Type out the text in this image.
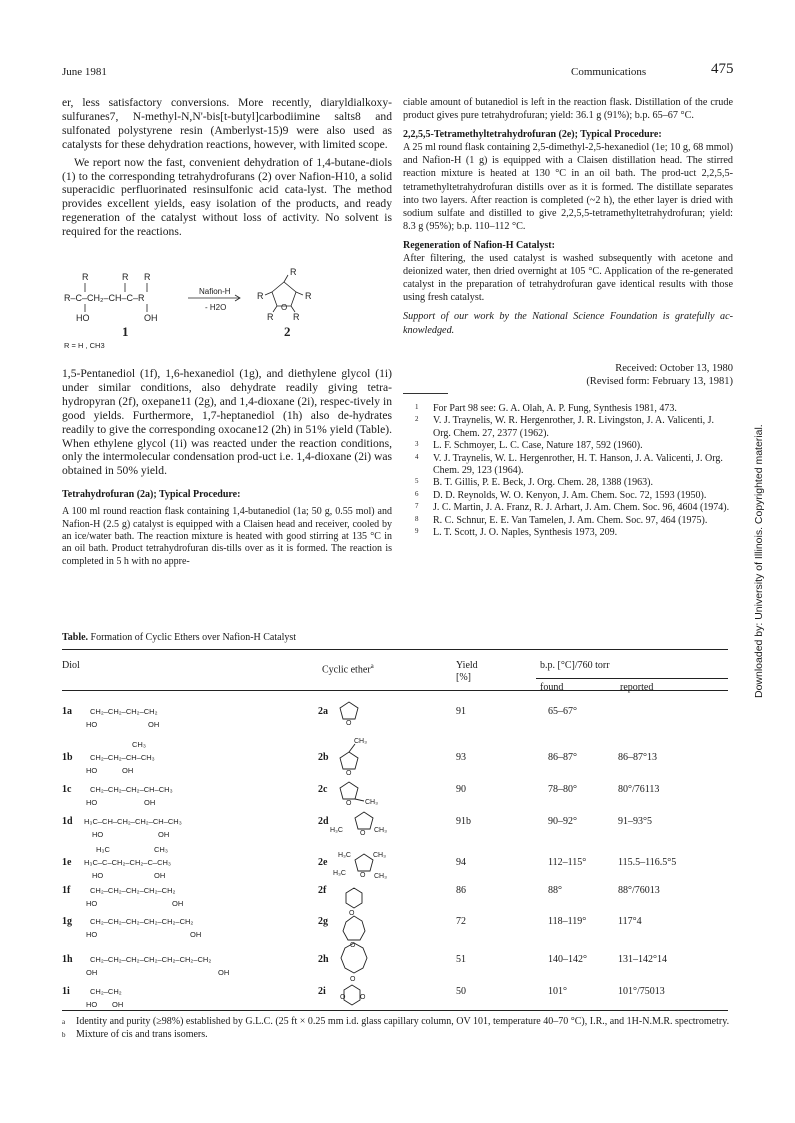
June 1981	Communications	475

er, less satisfactory conversions. More recently, diaryldialkoxy-sulfuranes7, N-methyl-N,N'-bis[t-butyl]carbodiimine salts8 and sulfonated polystyrene resin (Amberlyst-15)9 were also used as catalysts for these dehydration reactions, however, with limited scope.

We report now the fast, convenient dehydration of 1,4-butane-diols (1) to the corresponding tetrahydrofurans (2) over Nafion-H10, a solid superacidic perfluorinated resinsulfonic acid cata-lyst. The method provides excellent yields, easy isolation of the products, and ready regeneration of the catalyst without loss of activity. No solvent is required for the reactions.

R	R R
R–C–CH₂–CH–C–R
HO	OH
Nafion-H
- H2O
R
R	R
R R
O
R = H , CH3
1	2

1,5-Pentanediol (1f), 1,6-hexanediol (1g), and diethylene glycol (1i) under similar conditions, also dehydrate readily giving tetra-hydropyran (2f), oxepane11 (2g), and 1,4-dioxane (2i), respec-tively in good yields. Furthermore, 1,7-heptanediol (1h) also de-hydrates readily to give the corresponding oxocane12 (2h) in 51% yield (Table). When ethylene glycol (1i) was reacted under the reaction conditions, only the intermolecular condensation prod-uct i.e. 1,4-dioxane (2i) was obtained in 50% yield.

Tetrahydrofuran (2a); Typical Procedure:

A 100 ml round reaction flask containing 1,4-butanediol (1a; 50 g, 0.55 mol) and Nafion-H (2.5 g) catalyst is equipped with a Claisen head and receiver, cooled by an ice/water bath. The reaction mixture is heated with good stirring at 135 °C in an oil bath. Product tetrahydrofuran dis-tills over as it is formed. The reaction is completed in 5 h with no appre-

ciable amount of butanediol is left in the reaction flask. Distillation of the crude product gives pure tetrahydrofuran; yield: 36.1 g (91%); b.p. 65–67 °C.

2,2,5,5-Tetramethyltetrahydrofuran (2e); Typical Procedure:

A 25 ml round flask containing 2,5-dimethyl-2,5-hexanediol (1e; 10 g, 68 mmol) and Nafion-H (1 g) is equipped with a Claisen distillation head. The stirred reaction mixture is heated at 130 °C in an oil bath. The prod-uct 2,2,5,5-tetramethyltetrahydrofuran distills over as it is formed. The distillate separates into two layers. After reaction is completed (~2 h), the ether layer is dried with sodium sulfate and distilled to give 2,2,5,5-tetramethyltetrahydrofuran; yield: 8.3 g (95%); b.p. 110–112 °C.

Regeneration of Nafion-H Catalyst:

After filtering, the used catalyst is washed subsequently with acetone and deionized water, then dried overnight at 105 °C. Application of the re-generated catalyst in the preparation of tetrahydrofuran gave identical results with those using fresh catalyst.

Support of our work by the National Science Foundation is gratefully ac-knowledged.

Received: October 13, 1980
(Revised form: February 13, 1981)
1 For Part 98 see: G. A. Olah, A. P. Fung, Synthesis 1981, 473.
2 V. J. Traynelis, W. R. Hergenrother, J. R. Livingston, J. A. Valicenti, J. Org. Chem. 27, 2377 (1962).
3 L. F. Schmoyer, L. C. Case, Nature 187, 592 (1960).
4 V. J. Traynelis, W. L. Hergenrother, H. T. Hanson, J. A. Valicenti, J. Org. Chem. 29, 123 (1964).
5 B. T. Gillis, P. E. Beck, J. Org. Chem. 28, 1388 (1963).
6 D. D. Reynolds, W. O. Kenyon, J. Am. Chem. Soc. 72, 1593 (1950).
7 J. C. Martin, J. A. Franz, R. J. Arhart, J. Am. Chem. Soc. 96, 4604 (1974).
8 R. C. Schnur, E. E. Van Tamelen, J. Am. Chem. Soc. 97, 464 (1975).
9 L. T. Scott, J. O. Naples, Synthesis 1973, 209.
Table. Formation of Cyclic Ethers over Nafion-H Catalyst
Diol	Cyclic ether$^a$	Yield
[%]
b.p. [°C]/760 torr
found	reported
1a	2a	91	65–67°
1b	2b	93	86–87°	86–87°13
1c	2c	90	78–80°	80°/76113
1d	2d	91b	90–92°	91–93°5
1e	2e	94	112–115°	115.5–116.5°5
1f	2f	86	88°	88°/76013
1g	2g	72	118–119°	117°4
1h	2h	51	140–142°	131–142°14
1i	2i	50	101°	101°/75013
CH₂–CH₂–CH₂–CH₂
HO	OH
CH₃
CH₂–CH₂–CH–CH₃
HO	OH
CH₂–CH₂–CH₂–CH–CH₃
HO	OH
H₃C–CH–CH₂–CH₂–CH–CH₃
HO	OH
H₃C	CH₃
H₃C–C–CH₂–CH₂–C–CH₃
HO	OH
CH₂–CH₂–CH₂–CH₂–CH₂
HO	OH
CH₂–CH₂–CH₂–CH₂–CH₂–CH₂
HO	OH
CH₂–CH₂–CH₂–CH₂–CH₂–CH₂–CH₂
OH	OH
CH₂–CH₂
HO OH
O
O
CH₃
O CH₃
O
H₃C	CH₃
O
H₃C	CH₃
H₃C	CH₃
O
O
O
O O
a Identity and purity (≥98%) established by G.L.C. (25 ft × 0.25 mm i.d. glass capillary column, OV 101, temperature 40–70 °C), I.R., and 1H-N.M.R. spectrometry.
b Mixture of cis and trans isomers.
Downloaded by: University of Illinois. Copyrighted material.
